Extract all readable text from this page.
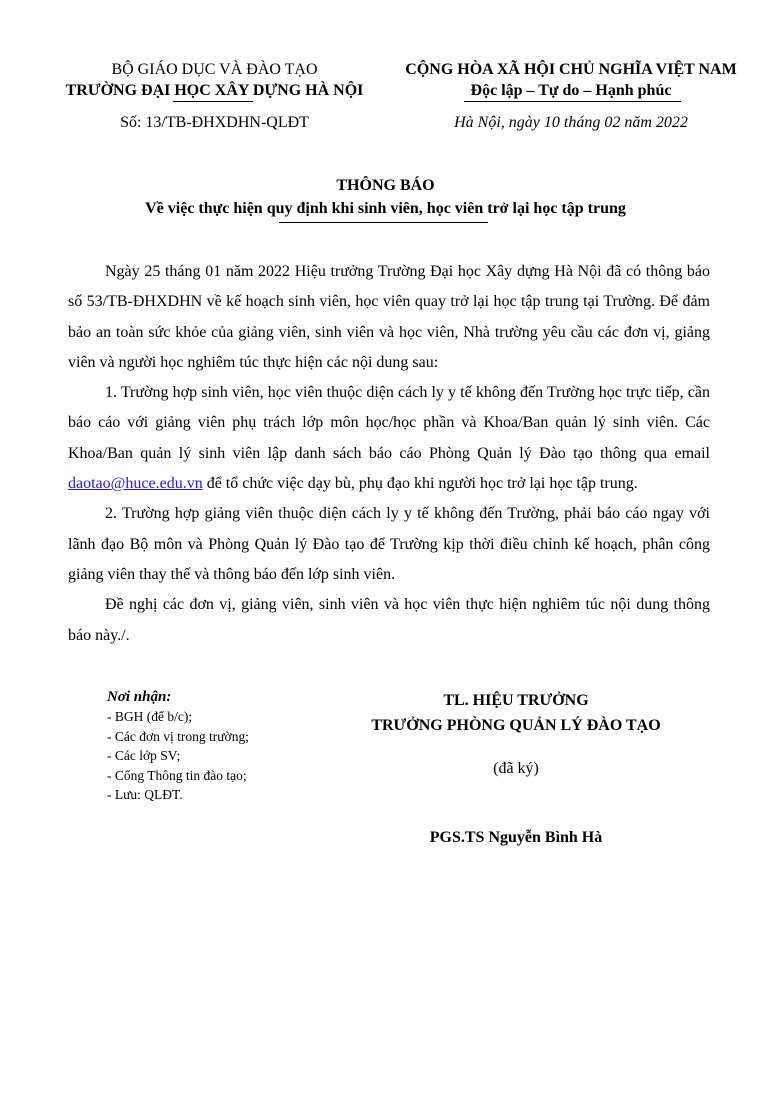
BỘ GIÁO DỤC VÀ ĐÀO TẠO
TRƯỜNG ĐẠI HỌC XÂY DỰNG HÀ NỘI
CỘNG HÒA XÃ HỘI CHỦ NGHĨA VIỆT NAM
Độc lập – Tự do – Hạnh phúc
Số: 13/TB-ĐHXDHN-QLĐT	Hà Nội, ngày 10 tháng 02 năm 2022
THÔNG BÁO
Về việc thực hiện quy định khi sinh viên, học viên trở lại học tập trung

Ngày 25 tháng 01 năm 2022 Hiệu trưởng Trường Đại học Xây dựng Hà Nội đã có thông báo số 53/TB-ĐHXDHN về kế hoạch sinh viên, học viên quay trở lại học tập trung tại Trường. Để đảm bảo an toàn sức khỏe của giảng viên, sinh viên và học viên, Nhà trường yêu cầu các đơn vị, giảng viên và người học nghiêm túc thực hiện các nội dung sau:

1. Trường hợp sinh viên, học viên thuộc diện cách ly y tế không đến Trường học trực tiếp, cần báo cáo với giảng viên phụ trách lớp môn học/học phần và Khoa/Ban quản lý sinh viên. Các Khoa/Ban quản lý sinh viên lập danh sách báo cáo Phòng Quản lý Đào tạo thông qua email daotao@huce.edu.vn để tổ chức việc dạy bù, phụ đạo khi người học trở lại học tập trung.

2. Trường hợp giảng viên thuộc diện cách ly y tế không đến Trường, phải báo cáo ngay với lãnh đạo Bộ môn và Phòng Quản lý Đào tạo để Trường kịp thời điều chỉnh kế hoạch, phân công giảng viên thay thế và thông báo đến lớp sinh viên.

Đề nghị các đơn vị, giảng viên, sinh viên và học viên thực hiện nghiêm túc nội dung thông báo này./.

Nơi nhận:
- BGH (để b/c);
- Các đơn vị trong trường;
- Các lớp SV;
- Cổng Thông tin đào tạo;
- Lưu: QLĐT.
TL. HIỆU TRƯỞNG
TRƯỞNG PHÒNG QUẢN LÝ ĐÀO TẠO
(đã ký)
PGS.TS Nguyễn Bình Hà
